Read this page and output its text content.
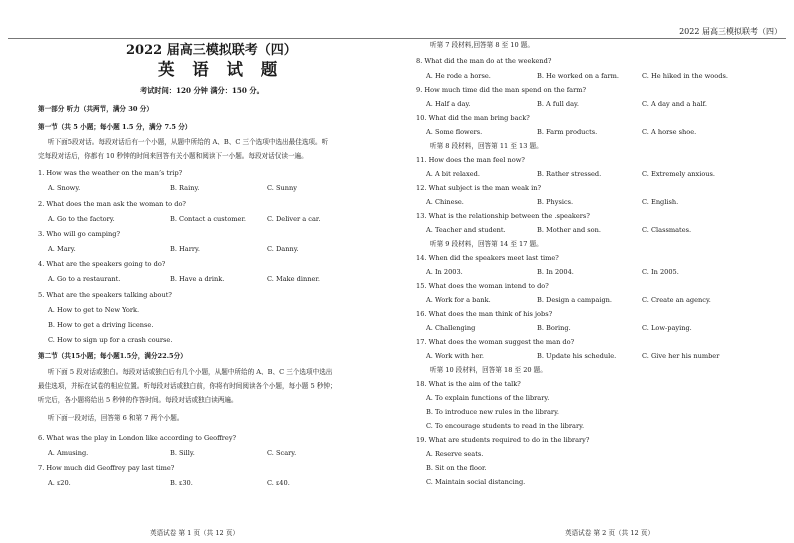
2022 届高三模拟联考（四）
2022 届高三模拟联考（四）
英 语 试 题
考试时间：120 分钟 满分：150 分。
第一部分 听力（共两节，满分 30 分）
第一节（共 5 小题；每小题 1.5 分，满分 7.5 分）
听下面5段对话。每段对话后有一个小题，从题中所给的 A、B、C 三个选项中选出最佳选项。听
完每段对话后，你都有 10 秒钟的时间来回答有关小题和阅读下一小题。每段对话仅读一遍。
1. How was the weather on the man’s trip?
A. Snowy.	B. Rainy.	C. Sunny
2. What does the man ask the woman to do?
A. Go to the factory.	B. Contact a customer.	C. Deliver a car.
3. Who will go camping?
A. Mary.	B. Harry.	C. Danny.
4. What are the speakers going to do?
A. Go to a restaurant.	B. Have a drink.	C. Make dinner.
5. What are the speakers talking about?
A. How to get to New York.
B. How to get a driving license.
C. How to sign up for a crash course.
第二节（共15小题；每小题1.5分，满分22.5分）
听下面 5 段对话或独白。每段对话或独白后有几个小题，从题中所给的 A、B、C 三个选项中选出
最佳选项，并标在试卷的相应位置。听每段对话或独白前，你将有时间阅读各个小题，每小题 5 秒钟；
听完后，各小题将给出 5 秒钟的作答时间。每段对话或独白读两遍。
听下面一段对话，回答第 6 和第 7 两个小题。
6. What was the play in London like according to Geoffrey?
A. Amusing.	B. Silly.	C. Scary.
7. How much did Geoffrey pay last time?
A. ₤20.	B. ₤30.	C. ₤40.
英语试卷 第 1 页（共 12 页）
听第 7 段材料,回答第 8 至 10 题。
8. What did the man do at the weekend?
A. He rode a horse.	B. He worked on a farm.	C. He hiked in the woods.
9. How much time did the man spend on the farm?
A. Half a day.	B. A full day.	C. A day and a half.
10. What did the man bring back?
A. Some flowers.	B. Farm products.	C. A horse shoe.
听第 8 段材料，回答第 11 至 13 题。
11. How does the man feel now?
A. A bit relaxed.	B. Rather stressed.	C. Extremely anxious.
12. What subject is the man weak in?
A. Chinese.	B. Physics.	C. English.
13. What is the relationship between the .speakers?
A. Teacher and student.	B. Mother and son.	C. Classmates.
听第 9 段材料，回答第 14 至 17 题。
14. When did the speakers meet last time?
A. In 2003.	B. In 2004.	C. In 2005.
15. What does the woman intend to do?
A. Work for a bank.	B. Design a campaign.	C. Create an agency.
16. What does the man think of his jobs?
A. Challenging	B. Boring.	C. Low-paying.
17. What does the woman suggest the man do?
A. Work with her.	B. Update his schedule.	C. Give her his number
听第 10 段材料，回答第 18 至 20 题。
18. What is the aim of the talk?
A. To explain functions of the library.
B. To introduce new rules in the library.
C. To encourage students to read in the library.
19. What are students required to do in the library?
A. Reserve seats.
B. Sit on the floor.
C. Maintain social distancing.
英语试卷 第 2 页（共 12 页）
